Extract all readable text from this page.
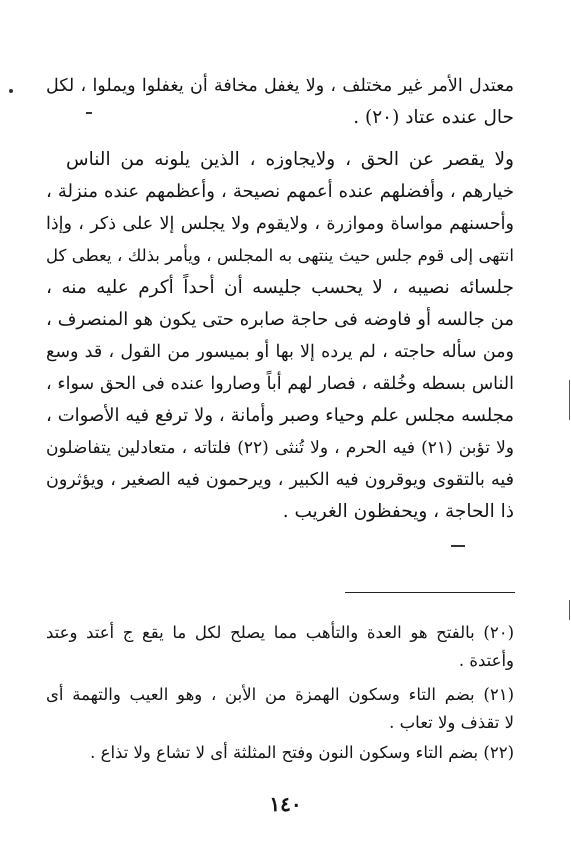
معتدل الأمر غير مختلف ، ولا يغفل مخافة أن يغفلوا ويملوا ، لكل
حال عنده عتاد (٢٠) .
ولا يقصر عن الحق ، ولايجاوزه ، الذين يلونه من الناس
خيارهم ، وأفضلهم عنده أعمهم نصيحة ، وأعظمهم عنده منزلة ،
وأحسنهم مواساة وموازرة ، ولايقوم ولا يجلس إلا على ذكر ، وإذا
انتهى إلى قوم جلس حيث ينتهى به المجلس ، ويأمر بذلك ، يعطى كل
جلسائه نصيبه ، لا يحسب جليسه أن أحداً أكرم عليه منه ،
من جالسه أو فاوضه فى حاجة صابره حتى يكون هو المنصرف ،
ومن سأله حاجته ، لم يرده إلا بها أو بميسور من القول ، قد وسع
الناس بسطه وخُلقه ، فصار لهم أباً وصاروا عنده فى الحق سواء ،
مجلسه مجلس علم وحياء وصبر وأمانة ، ولا ترفع فيه الأصوات ،
ولا تؤبن (٢١) فيه الحرم ، ولا تُنثى (٢٢) فلتاته ، متعادلين يتفاضلون
فيه بالتقوى ويوقرون فيه الكبير ، ويرحمون فيه الصغير ، ويؤثرون
ذا الحاجة ، ويحفظون الغريب .
(٢٠) بالفتح هو العدة والتأهب مما يصلح لكل ما يقع ج أعتد وعتد
وأعتدة .
(٢١) بضم التاء وسكون الهمزة من الأبن ، وهو العيب والتهمة أى
لا تقذف ولا تعاب .
(٢٢) بضم التاء وسكون النون وفتح المثلثة أى لا تشاع ولا تذاع .
١٤٠
